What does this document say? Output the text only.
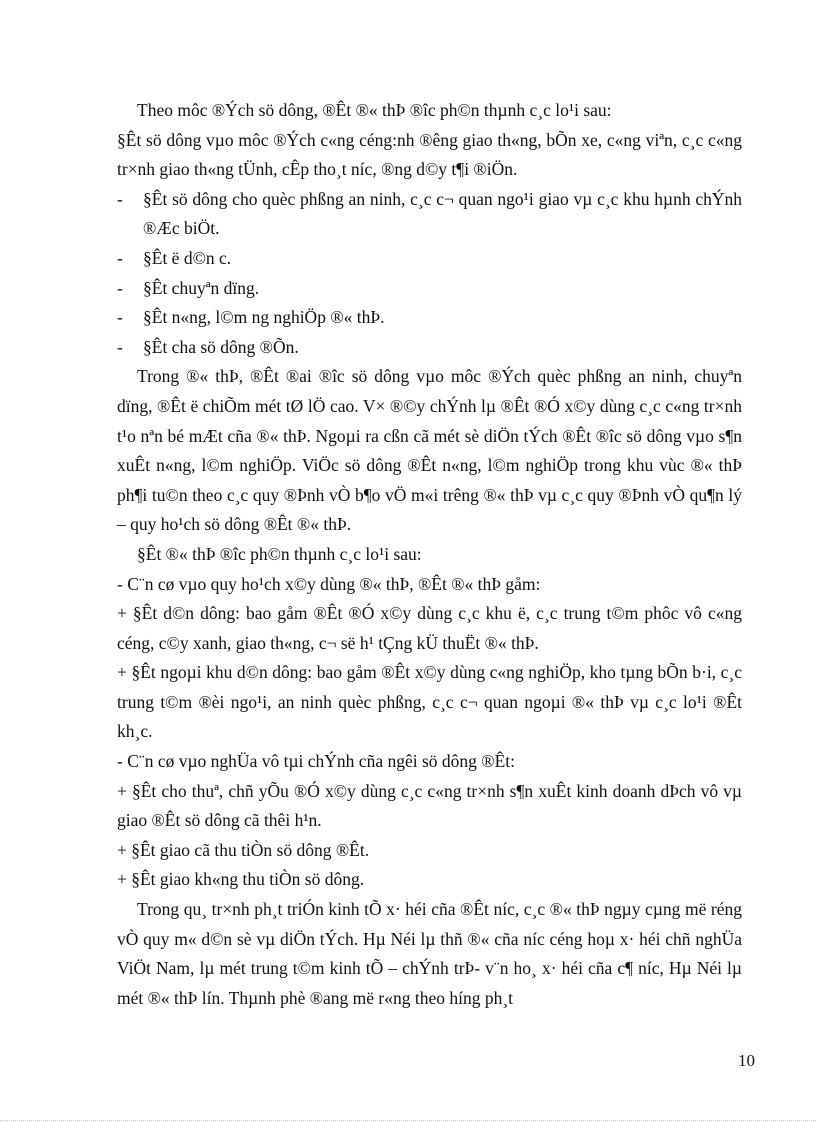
Theo môc ®Ých sö dông, ®Êt ®« thÞ ®îc ph©n thµnh c¸c lo¹i sau:

§Êt sö dông vµo môc ®Ých c«ng céng:nh ®êng giao th«ng, bÕn xe, c«ng viªn, c¸c c«ng tr×nh giao th«ng tÜnh, cÊp tho¸t níc, ®ng d©y t¶i ®iÖn.

-	§Êt sö dông cho quèc phßng an ninh, c¸c c¬ quan ngo¹i giao vµ c¸c khu hµnh chÝnh ®Æc biÖt.
-	§Êt ë d©n c.
-	§Êt chuyªn dïng.
-	§Êt n«ng, l©m ng nghiÖp ®« thÞ.
-	§Êt cha sö dông ®Õn.

Trong ®« thÞ, ®Êt ®ai ®îc sö dông vµo môc ®Ých quèc phßng an ninh, chuyªn dïng, ®Êt ë chiÕm mét tØ lÖ cao. V× ®©y chÝnh lµ ®Êt ®Ó x©y dùng c¸c c«ng tr×nh t¹o nªn bé mÆt cña ®« thÞ. Ngoµi ra cßn cã mét sè diÖn tÝch ®Êt ®îc sö dông vµo s¶n xuÊt n«ng, l©m nghiÖp. ViÖc sö dông ®Êt n«ng, l©m nghiÖp trong khu vùc ®« thÞ ph¶i tu©n theo c¸c quy ®Þnh vÒ b¶o vÖ m«i trêng ®« thÞ vµ c¸c quy ®Þnh vÒ qu¶n lý – quy ho¹ch sö dông ®Êt ®« thÞ.

§Êt ®« thÞ ®îc ph©n thµnh c¸c lo¹i sau:

- C¨n cø vµo quy ho¹ch x©y dùng ®« thÞ, ®Êt ®« thÞ gåm:

+ §Êt d©n dông: bao gåm ®Êt ®Ó x©y dùng c¸c khu ë, c¸c trung t©m phôc vô c«ng céng, c©y xanh, giao th«ng, c¬ së h¹ tÇng kÜ thuËt ®« thÞ.

+ §Êt ngoµi khu d©n dông: bao gåm ®Êt x©y dùng c«ng nghiÖp, kho tµng bÕn b·i, c¸c trung t©m ®èi ngo¹i, an ninh quèc phßng, c¸c c¬ quan ngoµi ®« thÞ vµ c¸c lo¹i ®Êt kh¸c.

- C¨n cø vµo nghÜa vô tµi chÝnh cña ngêi sö dông ®Êt:

+ §Êt cho thuª, chñ yÕu ®Ó x©y dùng c¸c c«ng tr×nh s¶n xuÊt kinh doanh dÞch vô vµ giao ®Êt sö dông cã thêi h¹n.

+ §Êt giao cã thu tiÒn sö dông ®Êt.

+ §Êt giao kh«ng thu tiÒn sö dông.

Trong qu¸ tr×nh ph¸t triÓn kinh tÕ x· héi cña ®Êt níc, c¸c ®« thÞ ngµy cµng më réng vÒ quy m« d©n sè vµ diÖn tÝch. Hµ Néi lµ thñ ®« cña níc céng hoµ x· héi chñ nghÜa ViÖt Nam, lµ mét trung t©m kinh tÕ – chÝnh trÞ- v¨n ho¸ x· héi cña c¶ níc, Hµ Néi lµ mét ®« thÞ lín. Thµnh phè ®ang më r«ng theo híng ph¸t

10
